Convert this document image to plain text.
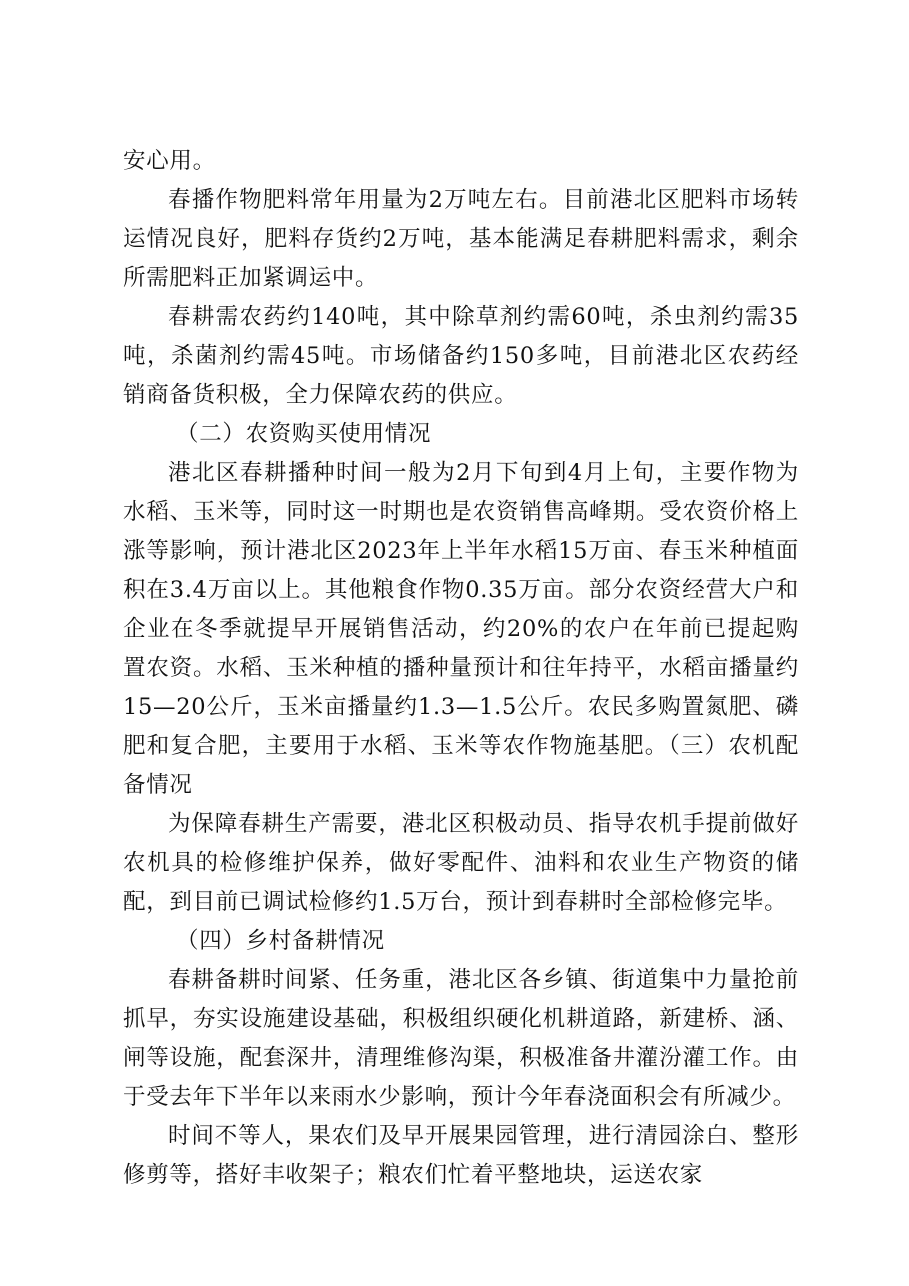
安心用。

春播作物肥料常年用量为2万吨左右。目前港北区肥料市场转运情况良好，肥料存货约2万吨，基本能满足春耕肥料需求，剩余所需肥料正加紧调运中。

春耕需农药约140吨，其中除草剂约需60吨，杀虫剂约需35吨，杀菌剂约需45吨。市场储备约150多吨，目前港北区农药经销商备货积极，全力保障农药的供应。

（二）农资购买使用情况

港北区春耕播种时间一般为2月下旬到4月上旬，主要作物为水稻、玉米等，同时这一时期也是农资销售高峰期。受农资价格上涨等影响，预计港北区2023年上半年水稻15万亩、春玉米种植面积在3.4万亩以上。其他粮食作物0.35万亩。部分农资经营大户和企业在冬季就提早开展销售活动，约20%的农户在年前已提起购置农资。水稻、玉米种植的播种量预计和往年持平，水稻亩播量约15—20公斤，玉米亩播量约1.3—1.5公斤。农民多购置氮肥、磷肥和复合肥，主要用于水稻、玉米等农作物施基肥。（三）农机配备情况

为保障春耕生产需要，港北区积极动员、指导农机手提前做好农机具的检修维护保养，做好零配件、油料和农业生产物资的储配，到目前已调试检修约1.5万台，预计到春耕时全部检修完毕。

（四）乡村备耕情况

春耕备耕时间紧、任务重，港北区各乡镇、街道集中力量抢前抓早，夯实设施建设基础，积极组织硬化机耕道路，新建桥、涵、闸等设施，配套深井，清理维修沟渠，积极准备井灌汾灌工作。由于受去年下半年以来雨水少影响，预计今年春浇面积会有所减少。

时间不等人，果农们及早开展果园管理，进行清园涂白、整形修剪等，搭好丰收架子；粮农们忙着平整地块，运送农家
